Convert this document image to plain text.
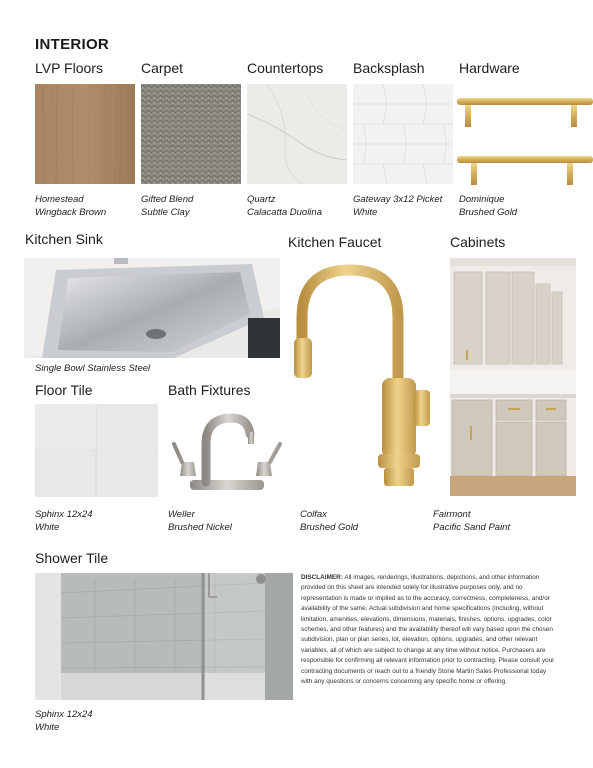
INTERIOR
LVP Floors	Carpet	Countertops Backsplash Hardware
Homestead
Wingback Brown
Gifted Blend
Subtle Clay
Quartz
Calacatta Duolina
Gateway 3x12 Picket
White
Dominique
Brushed Gold
Kitchen Sink
Single Bowl Stainless Steel
Kitchen Faucet
Colfax
Brushed Gold
Cabinets
Fairmont
Pacific Sand Paint
Floor Tile
Sphinx 12x24
White
Bath Fixtures
Weller
Brushed Nickel
Shower Tile
Sphinx 12x24
White
DISCLAIMER: All images, renderings, illustrations, depictions, and other information provided on this sheet are intended solely for illustrative purposes only, and no representation is made or implied as to the accuracy, correctness, completeness, and/or availability of the same. Actual subdivision and home specifications (including, without limitation, amenities, elevations, dimensions, materials, finishes, options, upgrades, color schemes, and other features) and the availability thereof will vary based upon the chosen subdivision, plan or plan series, lot, elevation, options, upgrades, and other relevant variables, all of which are subject to change at any time without notice. Purchasers are responsible for confirming all relevant information prior to contracting. Please consult your contracting documents or reach out to a friendly Stone Martin Sales Professional today with any questions or concerns concerning any specific home or offering.
